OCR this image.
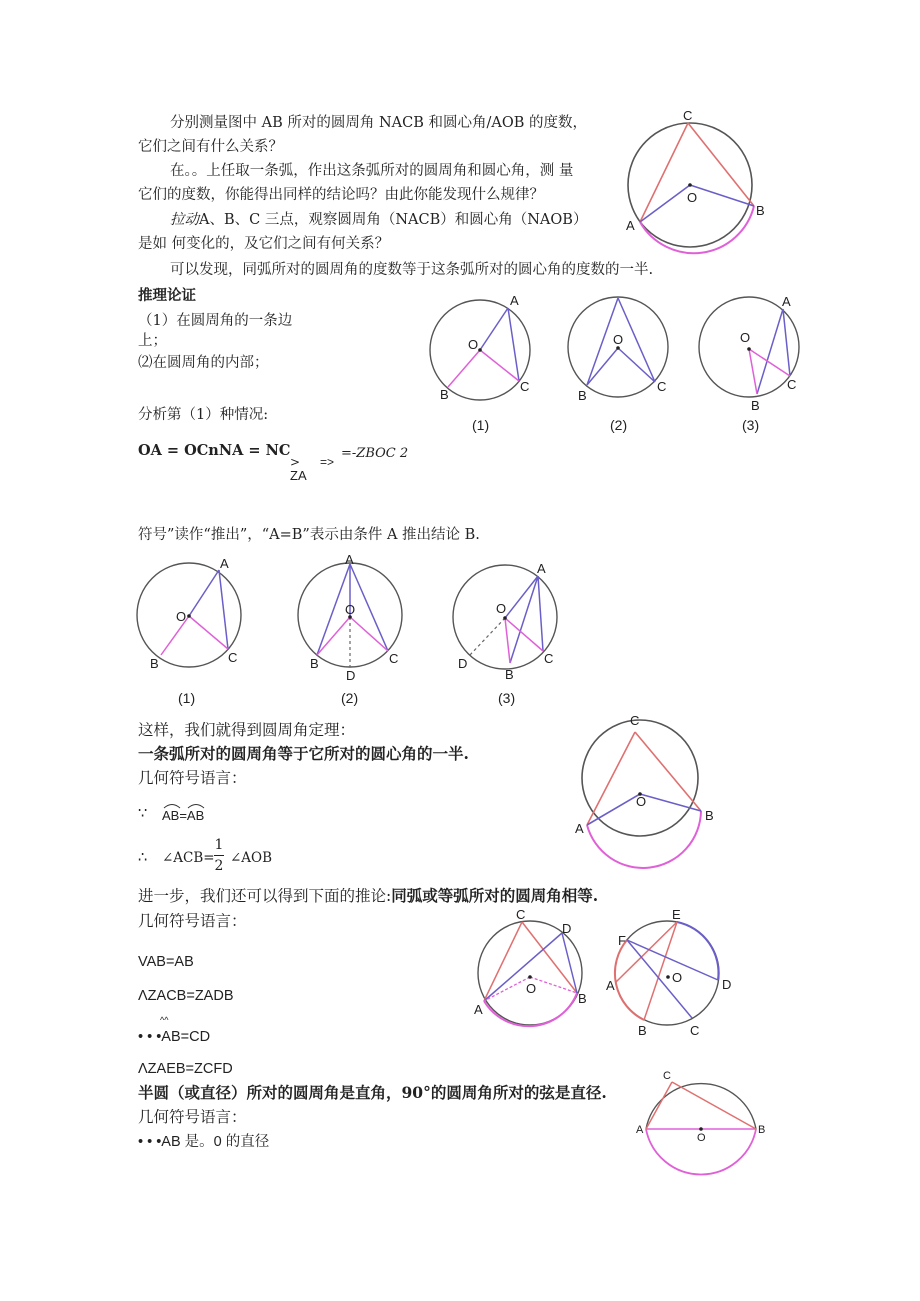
分别测量图中 AB 所对的圆周角 NACB 和圆心角/AOB 的度数，
它们之间有什么关系？
在。。上任取一条弧，作出这条弧所对的圆周角和圆心角，测 量
它们的度数，你能得出同样的结论吗？由此你能发现什么规律？
拉动A、B、C 三点，观察圆周角（NACB）和圆心角（NAOB）
是如 何变化的，及它们之间有何关系？
可以发现，同弧所对的圆周角的度数等于这条弧所对的圆心角的度数的一半.
C
O
A
B
推理论证
（1）在圆周角的一条边
上；
⑵在圆周角的内部；
A
O
B
C
(1)
O
B
C
(2)
A
O
C
B
(3)
分析第（1）种情况:
OA = OCnNA = NC
>
ZA
=>
=-ZBOC 2
符号”读作“推出”，“A=B”表示由条件 A 推出结论 B.
A
O
B	C
(1)
A
O
B	C
D
(2)
A
O
D	C
B
(3)
这样，我们就得到圆周角定理：
一条弧所对的圆周角等于它所对的圆心角的一半.
几何符号语言：
∵ AB=AB
∴ ∠ACB=
1
2 ∠AOB
C
O
A
B
进一步，我们还可以得到下面的推论:同弧或等弧所对的圆周角相等.
几何符号语言：
VAB=AB
ΛZACB=ZADB
^^
• • •AB=CD
ΛZAEB=ZCFD
C
D
O
A
B
E
F
O
A	D
B	C
半圆（或直径）所对的圆周角是直角，90°的圆周角所对的弦是直径.
几何符号语言：
• • •AB 是。0 的直径
C
A	B
O
